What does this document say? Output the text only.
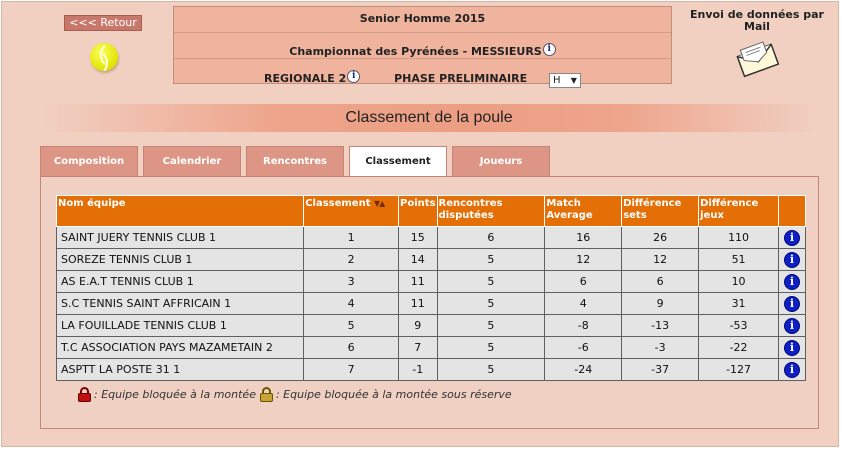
<<< Retour	Senior Homme 2015
Championnat des Pyrénées - MESSIEURS i
REGIONALE 2 i	PHASE PRELIMINAIRE	H ▼
Envoi de données par Mail
Classement de la poule
Composition	Calendrier	Rencontres	Classement	Joueurs
Nom équipe	Classement ▼▲	Points	Rencontres disputées	Match Average	Différence sets	Différence jeux	
SAINT JUERY TENNIS CLUB 1	1	15	6	16	26	110	i
SOREZE TENNIS CLUB 1	2	14	5	12	12	51	i
AS E.A.T TENNIS CLUB 1	3	11	5	6	6	10	i
S.C TENNIS SAINT AFFRICAIN 1	4	11	5	4	9	31	i
LA FOUILLADE TENNIS CLUB 1	5	9	5	-8	-13	-53	i
T.C ASSOCIATION PAYS MAZAMETAIN 2	6	7	5	-6	-3	-22	i
ASPTT LA POSTE 31 1	7	-1	5	-24	-37	-127	i
: Equipe bloquée à la montée : Equipe bloquée à la montée sous réserve
